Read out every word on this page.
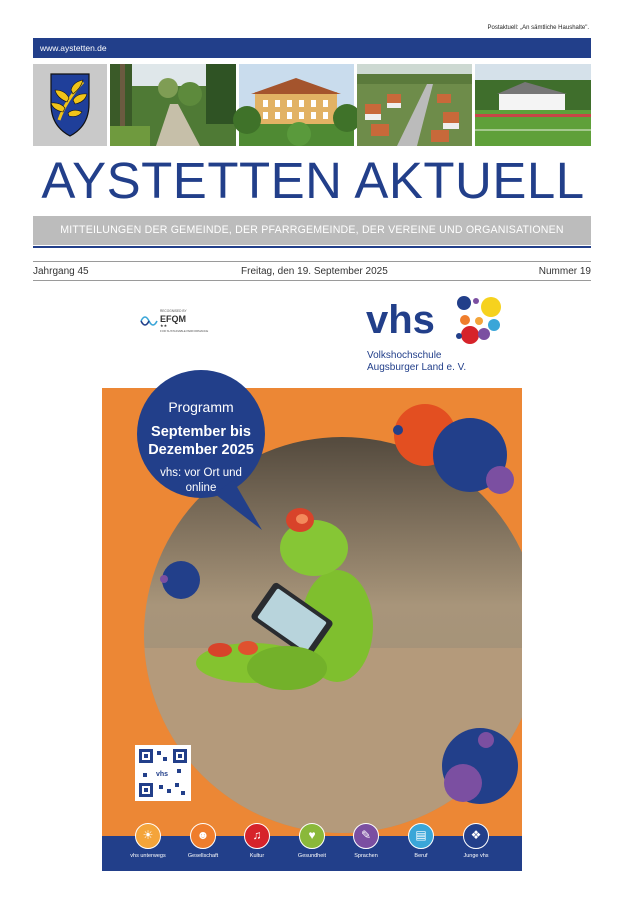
Postaktuell: „An sämtliche Haushalte".
www.aystetten.de
AYSTETTEN AKTUELL
MITTEILUNGEN DER GEMEINDE, DER PFARRGEMEINDE, DER VEREINE UND ORGANISATIONEN
Jahrgang 45	Freitag, den 19. September 2025	Nummer 19
RECOGNISED BY
EFQM
★★
FOR SUSTAINABLE PERFORMANCE	vhs
Volkshochschule
Augsburger Land e. V.
vhs
Programm
September bis
Dezember 2025
vhs: vor Ort und
online
☀
vhs unterwegs
☻
Gesellschaft
♫
Kultur
♥
Gesundheit
✎
Sprachen
▤
Beruf
❖
Junge vhs
